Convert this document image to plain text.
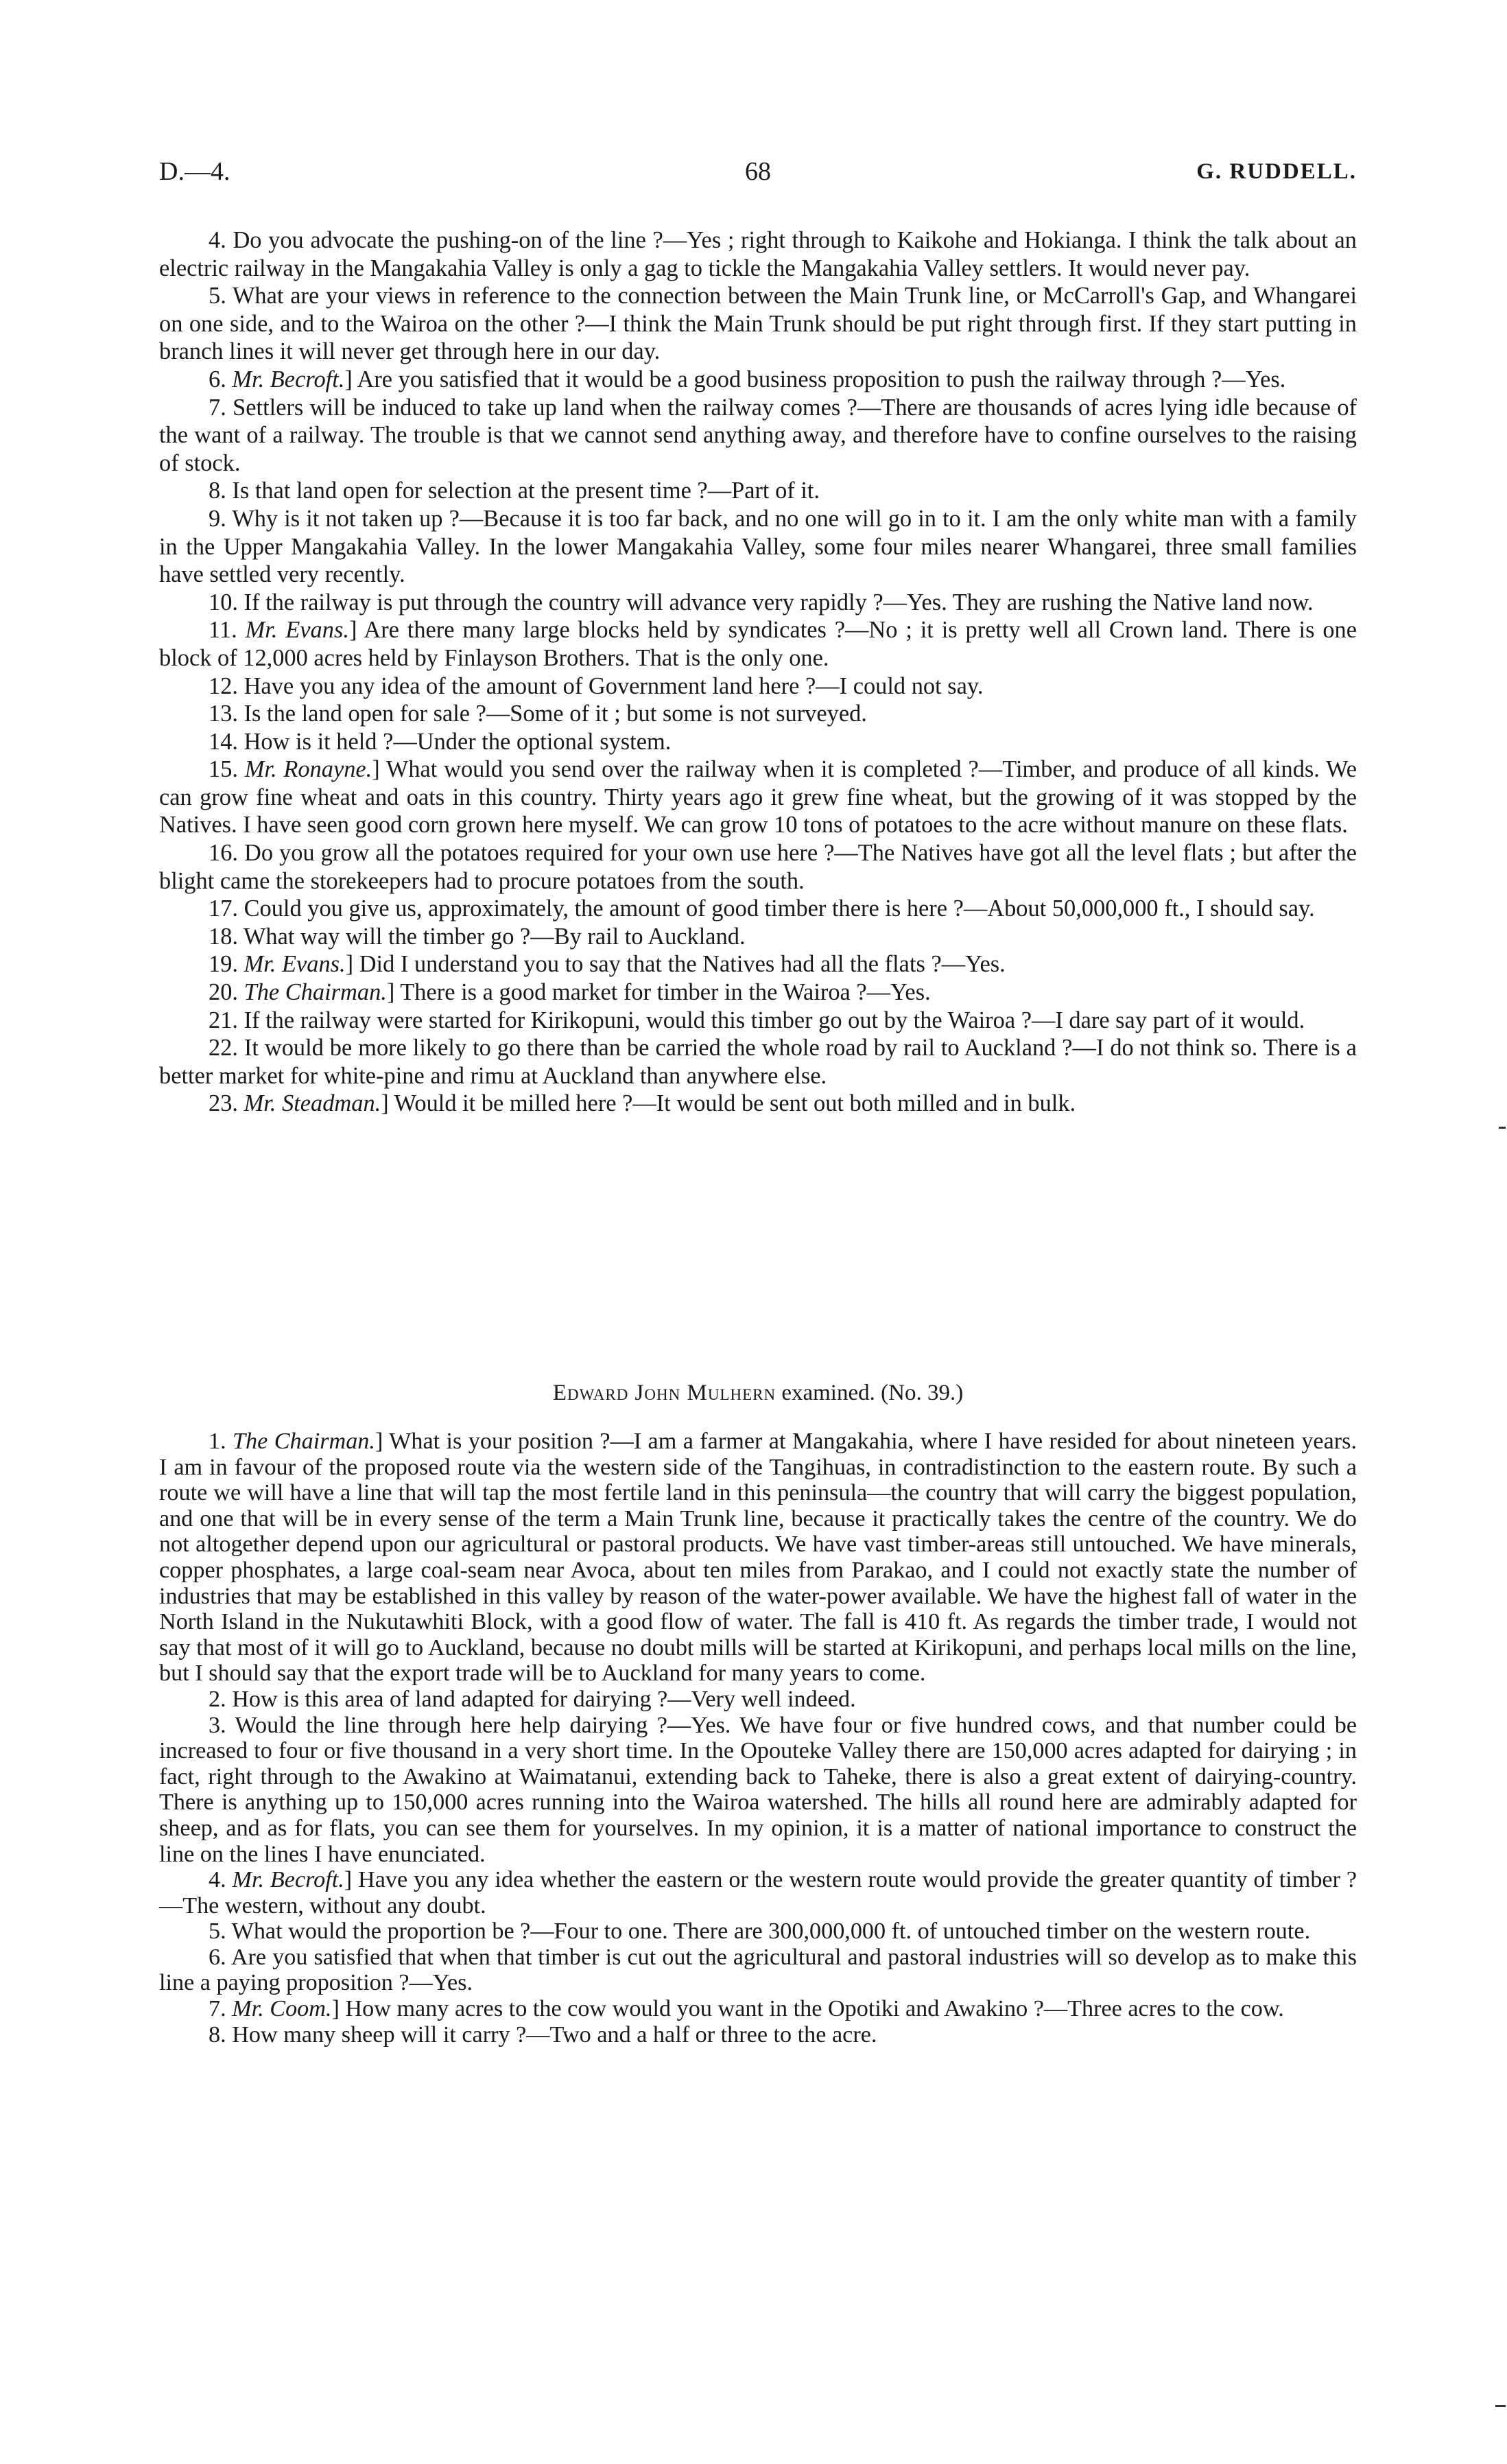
D.—4.	68	G. RUDDELL.

4. Do you advocate the pushing-on of the line ?—Yes ; right through to Kaikohe and Hokianga. I think the talk about an electric railway in the Mangakahia Valley is only a gag to tickle the Mangakahia Valley settlers. It would never pay.

5. What are your views in reference to the connection between the Main Trunk line, or McCarroll's Gap, and Whangarei on one side, and to the Wairoa on the other ?—I think the Main Trunk should be put right through first. If they start putting in branch lines it will never get through here in our day.

6. Mr. Becroft.] Are you satisfied that it would be a good business proposition to push the railway through ?—Yes.

7. Settlers will be induced to take up land when the railway comes ?—There are thousands of acres lying idle because of the want of a railway. The trouble is that we cannot send anything away, and therefore have to confine ourselves to the raising of stock.

8. Is that land open for selection at the present time ?—Part of it.

9. Why is it not taken up ?—Because it is too far back, and no one will go in to it. I am the only white man with a family in the Upper Mangakahia Valley. In the lower Mangakahia Valley, some four miles nearer Whangarei, three small families have settled very recently.

10. If the railway is put through the country will advance very rapidly ?—Yes. They are rushing the Native land now.

11. Mr. Evans.] Are there many large blocks held by syndicates ?—No ; it is pretty well all Crown land. There is one block of 12,000 acres held by Finlayson Brothers. That is the only one.

12. Have you any idea of the amount of Government land here ?—I could not say.

13. Is the land open for sale ?—Some of it ; but some is not surveyed.

14. How is it held ?—Under the optional system.

15. Mr. Ronayne.] What would you send over the railway when it is completed ?—Timber, and produce of all kinds. We can grow fine wheat and oats in this country. Thirty years ago it grew fine wheat, but the growing of it was stopped by the Natives. I have seen good corn grown here myself. We can grow 10 tons of potatoes to the acre without manure on these flats.

16. Do you grow all the potatoes required for your own use here ?—The Natives have got all the level flats ; but after the blight came the storekeepers had to procure potatoes from the south.

17. Could you give us, approximately, the amount of good timber there is here ?—About 50,000,000 ft., I should say.

18. What way will the timber go ?—By rail to Auckland.

19. Mr. Evans.] Did I understand you to say that the Natives had all the flats ?—Yes.

20. The Chairman.] There is a good market for timber in the Wairoa ?—Yes.

21. If the railway were started for Kirikopuni, would this timber go out by the Wairoa ?—I dare say part of it would.

22. It would be more likely to go there than be carried the whole road by rail to Auckland ?—I do not think so. There is a better market for white-pine and rimu at Auckland than anywhere else.

23. Mr. Steadman.] Would it be milled here ?—It would be sent out both milled and in bulk.

Edward John Mulhern examined. (No. 39.)

1. The Chairman.] What is your position ?—I am a farmer at Mangakahia, where I have resided for about nineteen years. I am in favour of the proposed route via the western side of the Tangihuas, in contradistinction to the eastern route. By such a route we will have a line that will tap the most fertile land in this peninsula—the country that will carry the biggest population, and one that will be in every sense of the term a Main Trunk line, because it practically takes the centre of the country. We do not altogether depend upon our agricultural or pastoral products. We have vast timber-areas still untouched. We have minerals, copper phosphates, a large coal-seam near Avoca, about ten miles from Parakao, and I could not exactly state the number of industries that may be established in this valley by reason of the water-power available. We have the highest fall of water in the North Island in the Nukutawhiti Block, with a good flow of water. The fall is 410 ft. As regards the timber trade, I would not say that most of it will go to Auckland, because no doubt mills will be started at Kirikopuni, and perhaps local mills on the line, but I should say that the export trade will be to Auckland for many years to come.

2. How is this area of land adapted for dairying ?—Very well indeed.

3. Would the line through here help dairying ?—Yes. We have four or five hundred cows, and that number could be increased to four or five thousand in a very short time. In the Opouteke Valley there are 150,000 acres adapted for dairying ; in fact, right through to the Awakino at Waimatanui, extending back to Taheke, there is also a great extent of dairying-country. There is anything up to 150,000 acres running into the Wairoa watershed. The hills all round here are admirably adapted for sheep, and as for flats, you can see them for yourselves. In my opinion, it is a matter of national importance to construct the line on the lines I have enunciated.

4. Mr. Becroft.] Have you any idea whether the eastern or the western route would provide the greater quantity of timber ?—The western, without any doubt.

5. What would the proportion be ?—Four to one. There are 300,000,000 ft. of untouched timber on the western route.

6. Are you satisfied that when that timber is cut out the agricultural and pastoral industries will so develop as to make this line a paying proposition ?—Yes.

7. Mr. Coom.] How many acres to the cow would you want in the Opotiki and Awakino ?—Three acres to the cow.

8. How many sheep will it carry ?—Two and a half or three to the acre.
